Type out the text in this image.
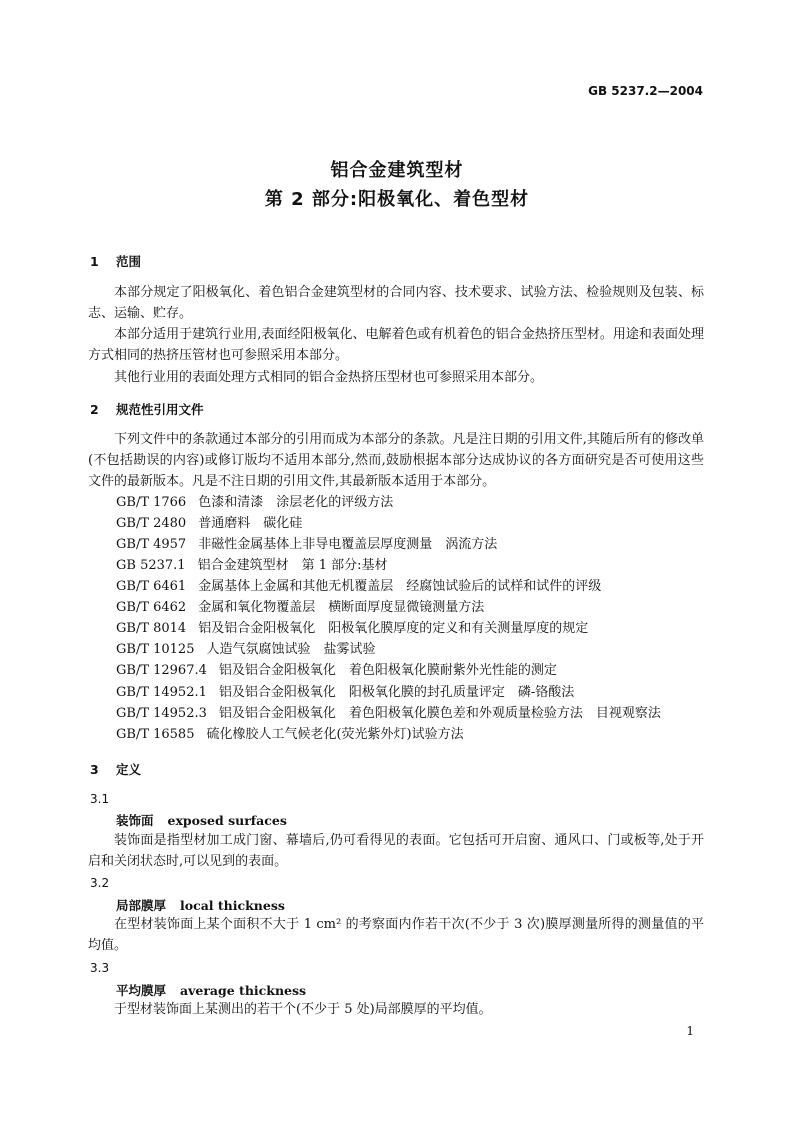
GB 5237.2—2004
铝合金建筑型材
第 2 部分:阳极氧化、着色型材
1 范围
本部分规定了阳极氧化、着色铝合金建筑型材的合同内容、技术要求、试验方法、检验规则及包装、标志、运输、贮存。
本部分适用于建筑行业用,表面经阳极氧化、电解着色或有机着色的铝合金热挤压型材。用途和表面处理方式相同的热挤压管材也可参照采用本部分。
其他行业用的表面处理方式相同的铝合金热挤压型材也可参照采用本部分。
2 规范性引用文件
下列文件中的条款通过本部分的引用而成为本部分的条款。凡是注日期的引用文件,其随后所有的修改单(不包括勘误的内容)或修订版均不适用本部分,然而,鼓励根据本部分达成协议的各方面研究是否可使用这些文件的最新版本。凡是不注日期的引用文件,其最新版本适用于本部分。
GB/T 1766 色漆和清漆　涂层老化的评级方法
GB/T 2480 普通磨料　碳化硅
GB/T 4957 非磁性金属基体上非导电覆盖层厚度测量　涡流方法
GB 5237.1 铝合金建筑型材　第 1 部分:基材
GB/T 6461 金属基体上金属和其他无机覆盖层　经腐蚀试验后的试样和试件的评级
GB/T 6462 金属和氧化物覆盖层　横断面厚度显微镜测量方法
GB/T 8014 铝及铝合金阳极氧化　阳极氧化膜厚度的定义和有关测量厚度的规定
GB/T 10125 人造气氛腐蚀试验　盐雾试验
GB/T 12967.4 铝及铝合金阳极氧化　着色阳极氧化膜耐紫外光性能的测定
GB/T 14952.1 铝及铝合金阳极氧化　阳极氧化膜的封孔质量评定　磷-铬酸法
GB/T 14952.3 铝及铝合金阳极氧化　着色阳极氧化膜色差和外观质量检验方法　目视观察法
GB/T 16585 硫化橡胶人工气候老化(荧光紫外灯)试验方法
3 定义
3.1
装饰面 exposed surfaces
装饰面是指型材加工成门窗、幕墙后,仍可看得见的表面。它包括可开启窗、通风口、门或板等,处于开启和关闭状态时,可以见到的表面。
3.2
局部膜厚 local thickness
在型材装饰面上某个面积不大于 1 cm² 的考察面内作若干次(不少于 3 次)膜厚测量所得的测量值的平均值。
3.3
平均膜厚 average thickness
于型材装饰面上某测出的若干个(不少于 5 处)局部膜厚的平均值。
1
